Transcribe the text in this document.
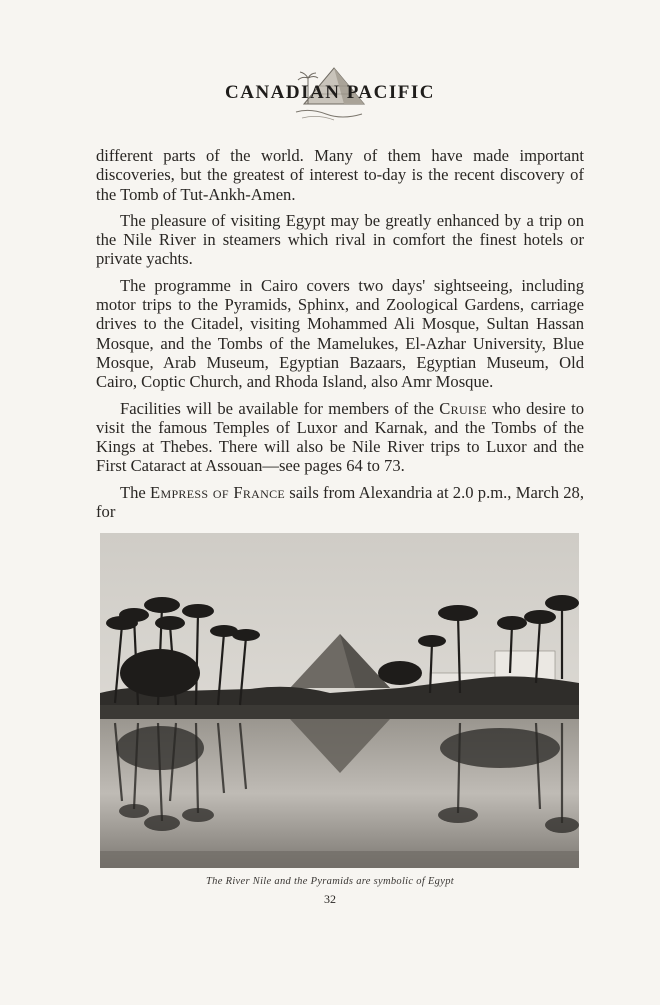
CANADIAN PACIFIC

different parts of the world. Many of them have made important discoveries, but the greatest of interest to-day is the recent discovery of the Tomb of Tut-Ankh-Amen.

The pleasure of visiting Egypt may be greatly enhanced by a trip on the Nile River in steamers which rival in comfort the finest hotels or private yachts.

The programme in Cairo covers two days' sightseeing, including motor trips to the Pyramids, Sphinx, and Zoological Gardens, carriage drives to the Citadel, visiting Mohammed Ali Mosque, Sultan Hassan Mosque, and the Tombs of the Mamelukes, El-Azhar University, Blue Mosque, Arab Museum, Egyptian Bazaars, Egyptian Museum, Old Cairo, Coptic Church, and Rhoda Island, also Amr Mosque.

Facilities will be available for members of the Cruise who desire to visit the famous Temples of Luxor and Karnak, and the Tombs of the Kings at Thebes. There will also be Nile River trips to Luxor and the First Cataract at Assouan—see pages 64 to 73.

The Empress of France sails from Alexandria at 2.0 p.m., March 28, for

The River Nile and the Pyramids are symbolic of Egypt
32
